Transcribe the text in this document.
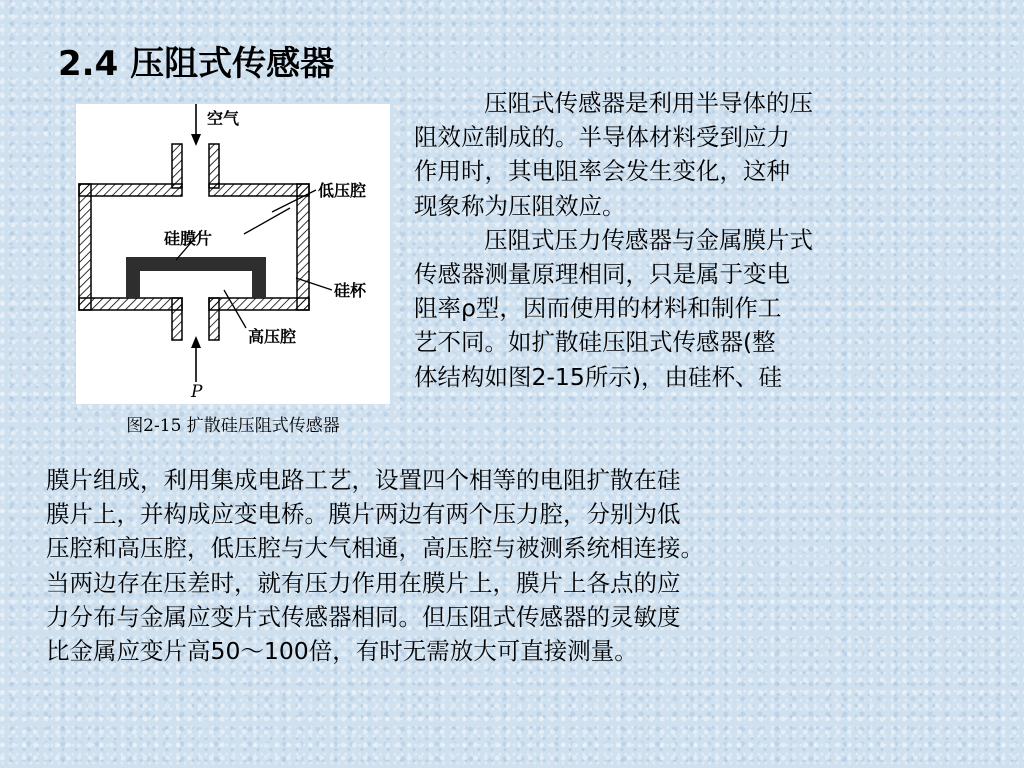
2.4 压阻式传感器
空气
低压腔
硅膜片
硅杯
高压腔
P
图2-15 扩散硅压阻式传感器
压阻式传感器是利用半导体的压
阻效应制成的。半导体材料受到应力
作用时，其电阻率会发生变化，这种
现象称为压阻效应。
压阻式压力传感器与金属膜片式
传感器测量原理相同，只是属于变电
阻率ρ型，因而使用的材料和制作工
艺不同。如扩散硅压阻式传感器(整
体结构如图2-15所示)，由硅杯、硅
膜片组成，利用集成电路工艺，设置四个相等的电阻扩散在硅
膜片上，并构成应变电桥。膜片两边有两个压力腔，分别为低
压腔和高压腔，低压腔与大气相通，高压腔与被测系统相连接。
当两边存在压差时，就有压力作用在膜片上，膜片上各点的应
力分布与金属应变片式传感器相同。但压阻式传感器的灵敏度
比金属应变片高50～100倍，有时无需放大可直接测量。
